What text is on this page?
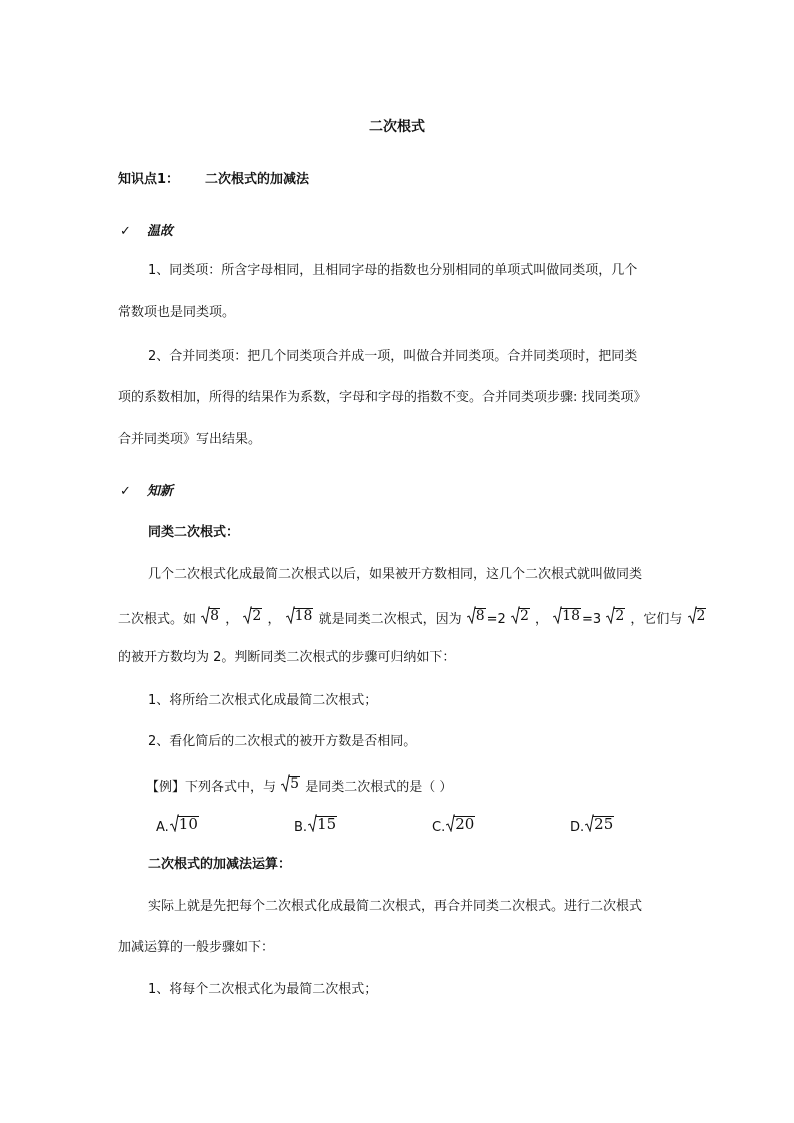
二次根式
知识点1： 二次根式的加减法
✓ 温故
1、同类项：所含字母相同，且相同字母的指数也分别相同的单项式叫做同类项，几个
常数项也是同类项。
2、合并同类项：把几个同类项合并成一项，叫做合并同类项。合并同类项时，把同类
项的系数相加，所得的结果作为系数，字母和字母的指数不变。合并同类项步骤: 找同类项》
合并同类项》写出结果。
✓ 知新
同类二次根式：
几个二次根式化成最简二次根式以后，如果被开方数相同，这几个二次根式就叫做同类
二次根式。如 8 ， 2 ， 18 就是同类二次根式，因为 8 =2 2 ， 18 =3 2 ，它们与 2
的被开方数均为 2。判断同类二次根式的步骤可归纳如下：
1、将所给二次根式化成最简二次根式；
2、看化简后的二次根式的被开方数是否相同。
【例】下列各式中，与 5 是同类二次根式的是（ ）
A. 10	B. 15	C. 20	D. 25
二次根式的加减法运算：
实际上就是先把每个二次根式化成最简二次根式，再合并同类二次根式。进行二次根式
加减运算的一般步骤如下：
1、将每个二次根式化为最简二次根式；
